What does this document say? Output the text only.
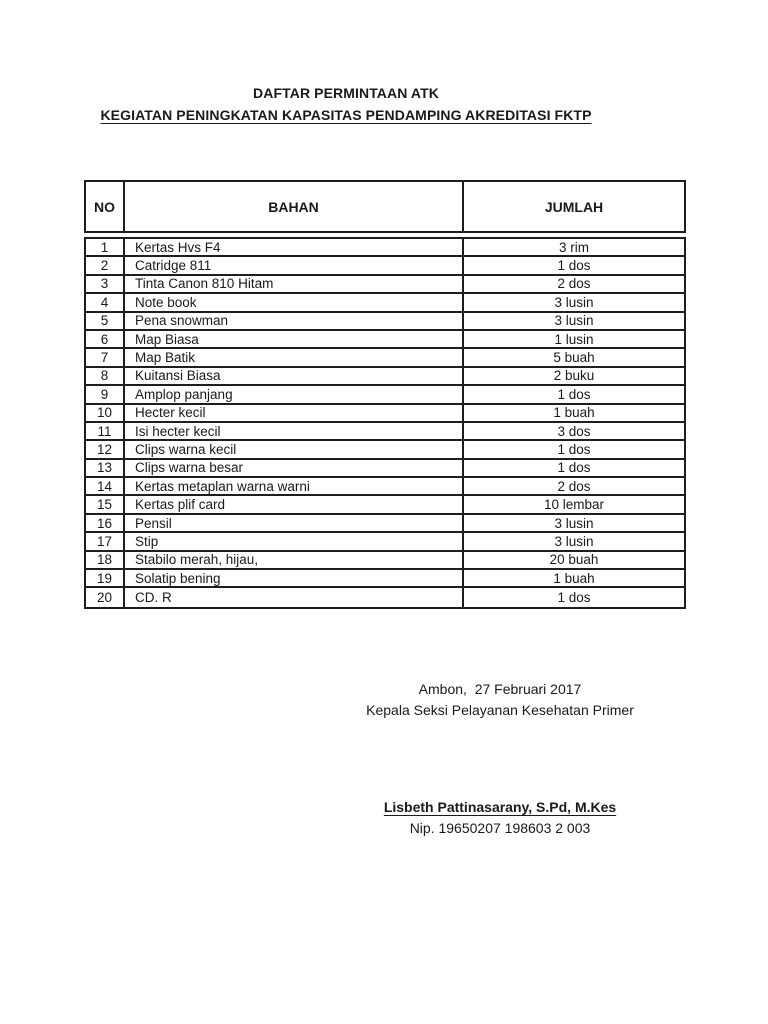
DAFTAR PERMINTAAN ATK
KEGIATAN PENINGKATAN KAPASITAS PENDAMPING AKREDITASI FKTP
NO	BAHAN	JUMLAH
1	Kertas Hvs F4	3 rim
2	Catridge 811	1 dos
3	Tinta Canon 810 Hitam	2 dos
4	Note book	3 lusin
5	Pena snowman	3 lusin
6	Map Biasa	1 lusin
7	Map Batik	5 buah
8	Kuitansi Biasa	2 buku
9	Amplop panjang	1 dos
10	Hecter kecil	1 buah
11	Isi hecter kecil	3 dos
12	Clips warna kecil	1 dos
13	Clips warna besar	1 dos
14	Kertas metaplan warna warni	2 dos
15	Kertas plif card	10 lembar
16	Pensil	3 lusin
17	Stip	3 lusin
18	Stabilo merah, hijau,	20 buah
19	Solatip bening	1 buah
20	CD. R	1 dos
Ambon,  27 Februari 2017
Kepala Seksi Pelayanan Kesehatan Primer
Lisbeth Pattinasarany, S.Pd, M.Kes
Nip. 19650207 198603 2 003
